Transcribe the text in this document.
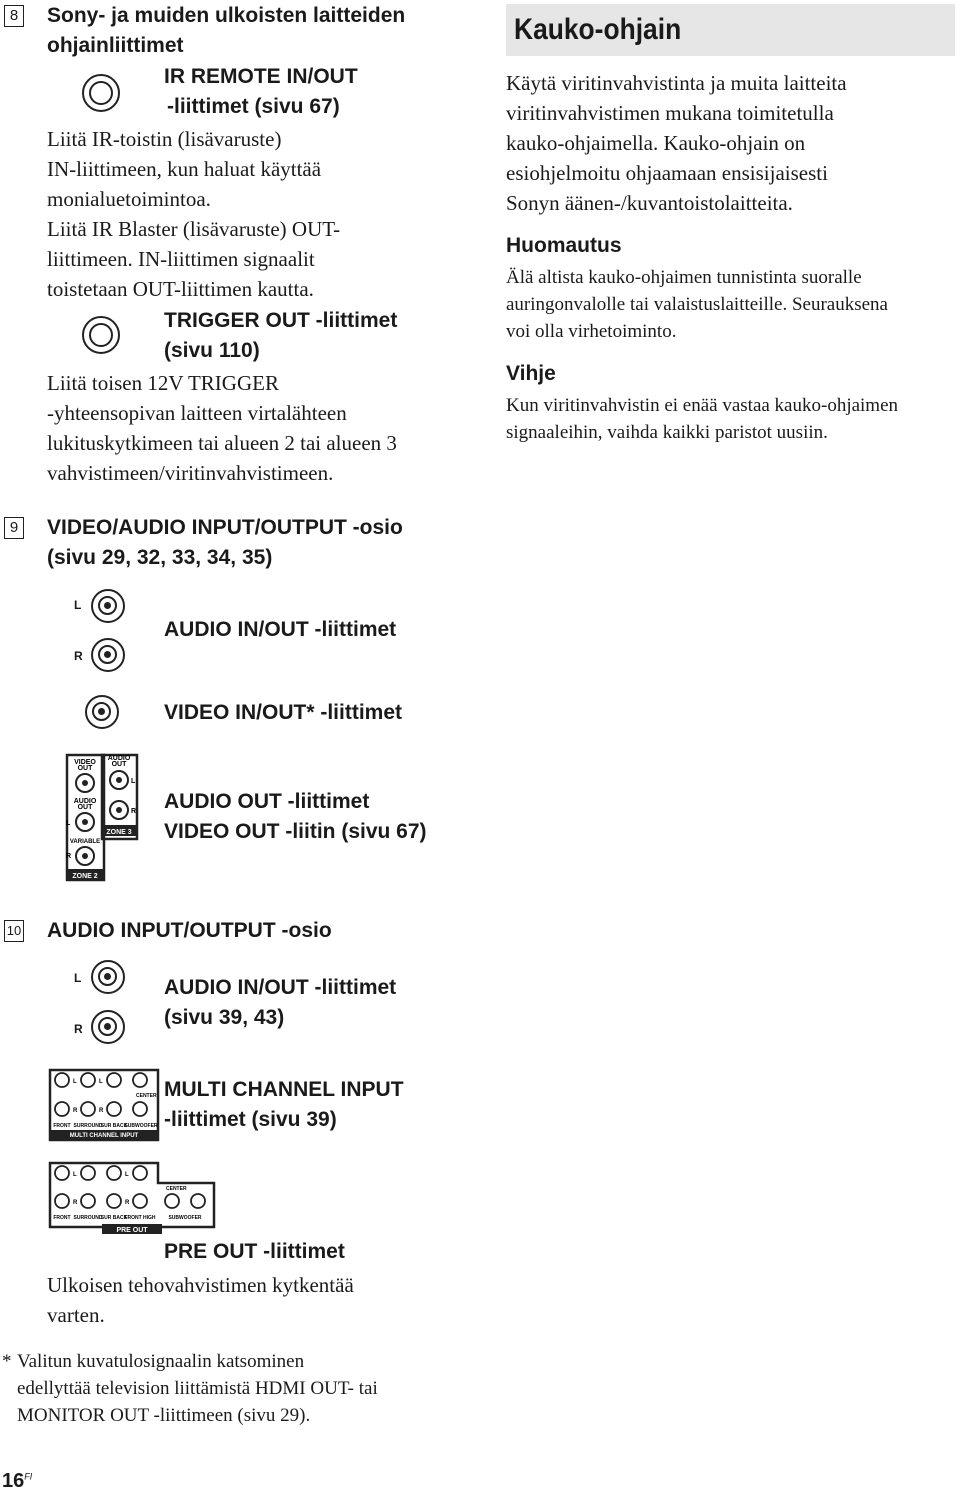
8 Sony- ja muiden ulkoisten laitteiden
ohjainliittimet
IR REMOTE IN/OUT
-liittimet (sivu 67)
Liitä IR-toistin (lisävaruste)
IN-liittimeen, kun haluat käyttää
monialuetoimintoa.
Liitä IR Blaster (lisävaruste) OUT-
liittimeen. IN-liittimen signaalit
toistetaan OUT-liittimen kautta.
TRIGGER OUT -liittimet
(sivu 110)
Liitä toisen 12V TRIGGER
-yhteensopivan laitteen virtalähteen
lukituskytkimeen tai alueen 2 tai alueen 3
vahvistimeen/viritinvahvistimeen.
9 VIDEO/AUDIO INPUT/OUTPUT -osio
(sivu 29, 32, 33, 34, 35)
L
R
AUDIO IN/OUT -liittimet
VIDEO IN/OUT* -liittimet
VIDEO
OUT
AUDIO
OUT
L
R
ZONE 3
AUDIO
OUT
L
VARIABLE
R
ZONE 2
AUDIO OUT -liittimet
VIDEO OUT -liitin (sivu 67)
10 AUDIO INPUT/OUTPUT -osio
L
R
AUDIO IN/OUT -liittimet
(sivu 39, 43)
L	L
R	R
CENTER
FRONT SURROUND
SUR BACK
SUBWOOFER
MULTI CHANNEL INPUT
MULTI CHANNEL INPUT
-liittimet (sivu 39)
L	L
R	R
CENTER
FRONT SURROUND
SUR BACK
FRONT HIGH	SUBWOOFER
PRE OUT
PRE OUT -liittimet
Ulkoisen tehovahvistimen kytkentää
varten.
* Valitun kuvatulosignaalin katsominen
edellyttää television liittämistä HDMI OUT- tai
MONITOR OUT -liittimeen (sivu 29).
$16^{FI}$
Kauko-ohjain
Käytä viritinvahvistinta ja muita laitteita
viritinvahvistimen mukana toimitetulla
kauko-ohjaimella. Kauko-ohjain on
esiohjelmoitu ohjaamaan ensisijaisesti
Sonyn äänen-/kuvantoistolaitteita.
Huomautus
Älä altista kauko-ohjaimen tunnistinta suoralle
auringonvalolle tai valaistuslaitteille. Seurauksena
voi olla virhetoiminto.
Vihje
Kun viritinvahvistin ei enää vastaa kauko-ohjaimen
signaaleihin, vaihda kaikki paristot uusiin.
